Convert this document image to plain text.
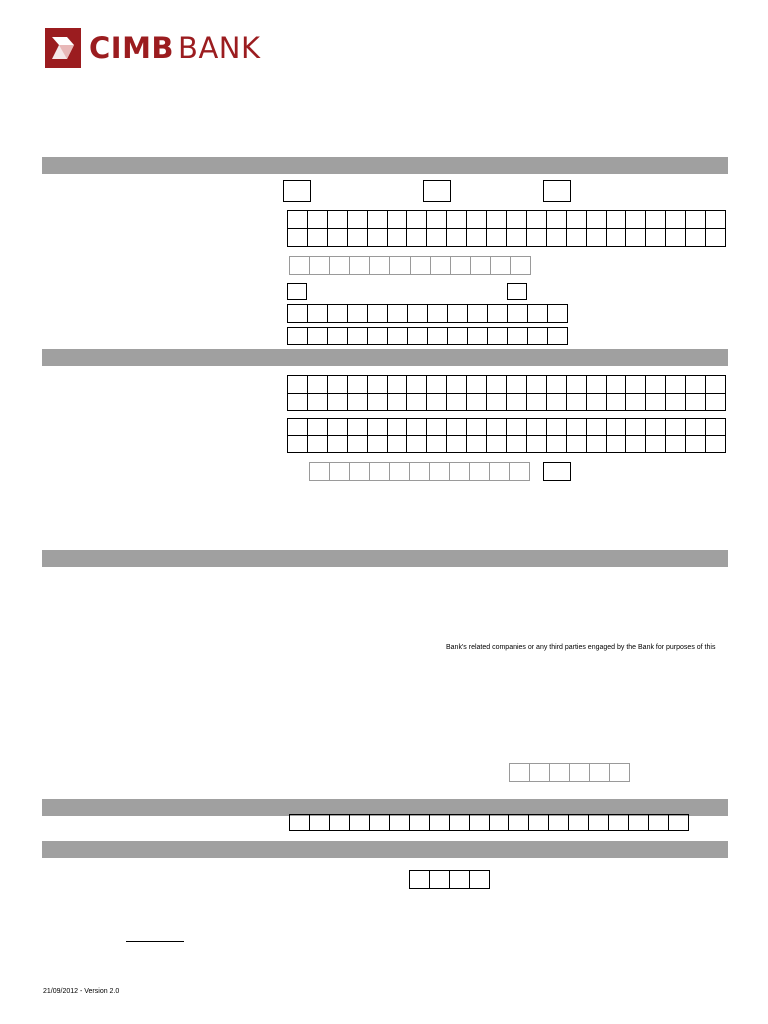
CIMB BANK
Bank's related companies or any third parties engaged by the Bank for purposes of this
21/09/2012 - Version 2.0
